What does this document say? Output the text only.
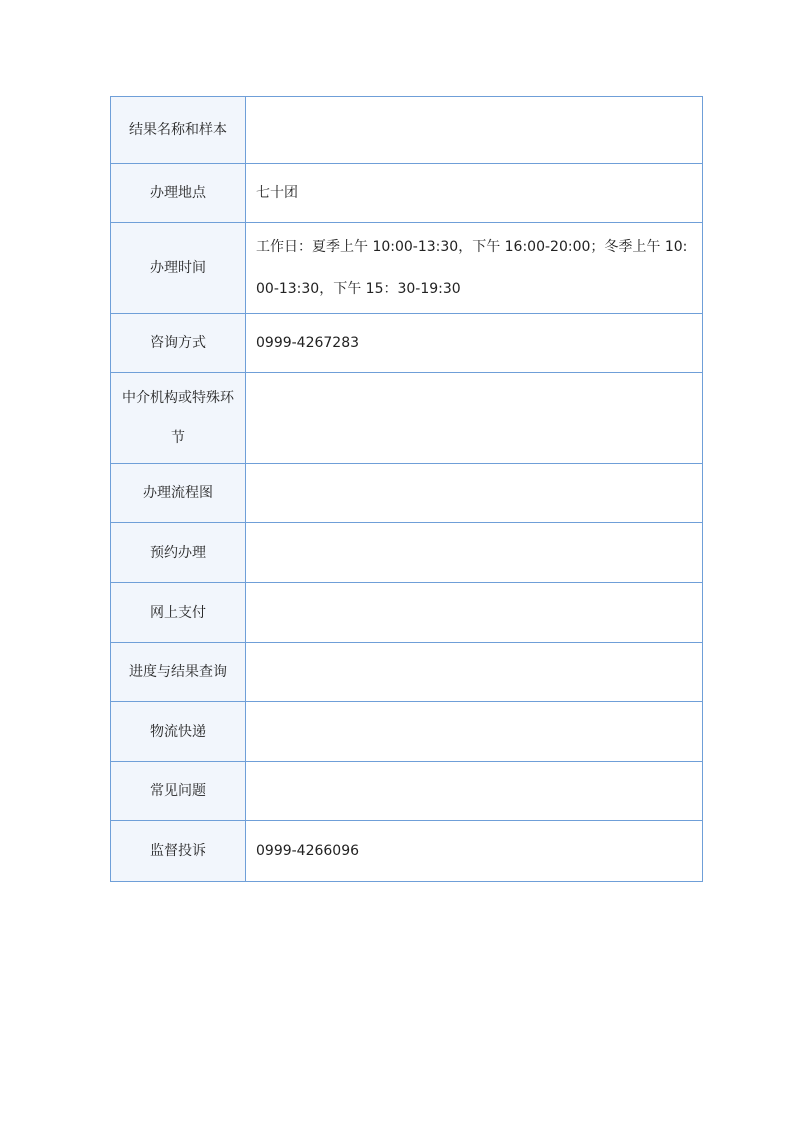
结果名称和样本	
办理地点	七十团
办理时间	工作日：夏季上午 10:00-13:30，下午 16:00-20:00；冬季上午 10:00-13:30，下午 15：30-19:30
咨询方式	0999-4267283
中介机构或特殊环节	
办理流程图	
预约办理	
网上支付	
进度与结果查询	
物流快递	
常见问题	
监督投诉	0999-4266096
